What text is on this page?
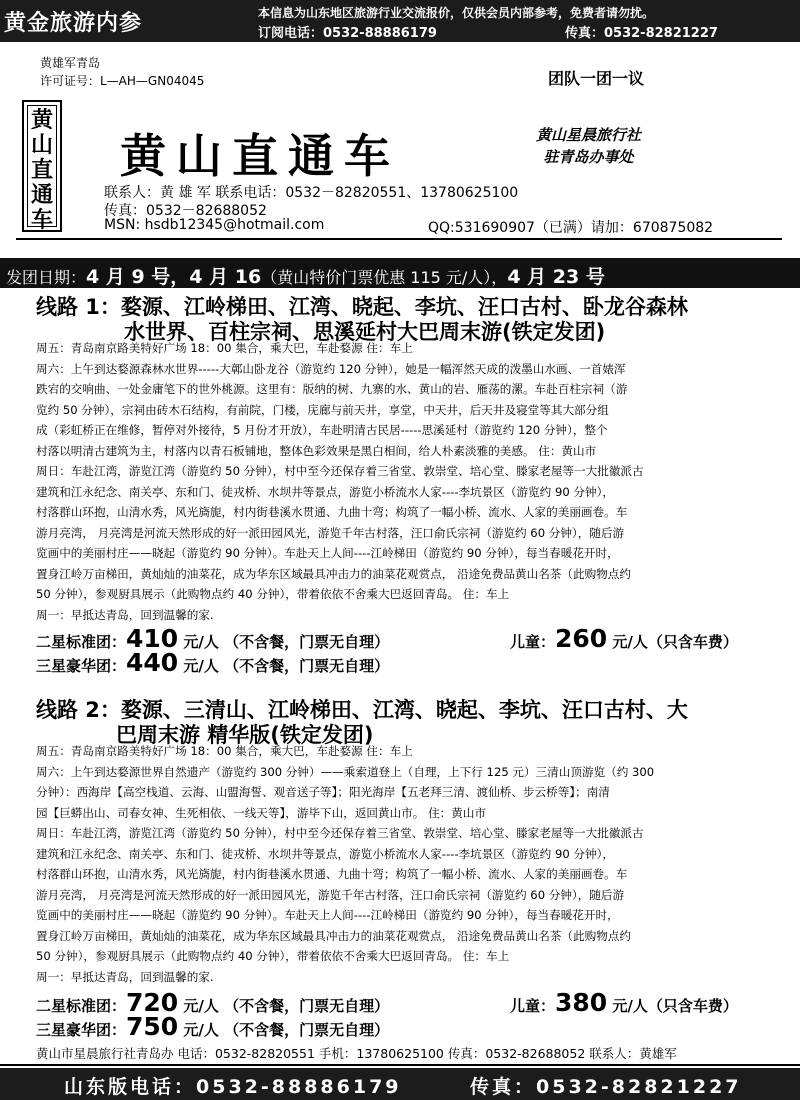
黄金旅游内参	本信息为山东地区旅游行业交流报价，仅供会员内部参考，免费者请勿扰。
订阅电话：0532-88886179	传真：0532-82821227
黄雄军青岛
许可证号：L—AH—GN04045	团队一团一议
黄
山
直
通
车
黄山直通车	黄山星晨旅行社
驻青岛办事处
联系人：黄 雄 军 联系电话：0532－82820551、13780625100
传真：0532－82688052
MSN: hsdb12345@hotmail.com	QQ:531690907（已满）请加：670875082
发团日期：4 月 9 号，4 月 16（黄山特价门票优惠 115 元/人），4 月 23 号
线路 1：婺源、江岭梯田、江湾、晓起、李坑、汪口古村、卧龙谷森林
水世界、百柱宗祠、思溪延村大巴周末游(铁定发团)
周五：青岛南京路美特好广场 18：00 集合，乘大巴，车赴婺源 住：车上
周六：上午到达婺源森林水世界-----大鄣山卧龙谷（游览约 120 分钟），她是一幅浑然天成的泼墨山水画、一首婊浑
跌宕的交响曲、一处金庸笔下的世外桃源。这里有：版纳的树、九寨的水、黄山的岩、雁荡的漯。车赴百柱宗祠（游
览约 50 分钟），宗祠由砖木石结构，有前院，门楼，庑廊与前天井，享堂，中天井，后天井及寝堂等其大部分组
成（彩虹桥正在维修，暂停对外接待，5 月份才开放），车赴明清古民居-----思溪延村（游览约 120 分钟），整个
村落以明清古建筑为主，村落内以青石板铺地，整体色彩效果是黑白相间，给人朴素淡雅的美感。 住：黄山市
周日：车赴江湾，游览江湾（游览约 50 分钟），村中至今还保存着三省堂、敦崇堂、培心堂、滕家老屋等一大批徽派古
建筑和江永纪念、南关亭、东和门、徒戎桥、水坝井等景点，游览小桥流水人家----李坑景区（游览约 90 分钟），
村落群山环抱，山清水秀，风光旖旎，村内街巷溪水贯通、九曲十弯；构筑了一幅小桥、流水、人家的美丽画卷。车
游月亮湾， 月亮湾是河流天然形成的好一派田园风光，游览千年古村落，汪口俞氏宗祠（游览约 60 分钟），随后游
览画中的美丽村庄——晓起（游览约 90 分钟）。车赴天上人间----江岭梯田（游览约 90 分钟），每当春暖花开时，
置身江岭万亩梯田，黄灿灿的油菜花，成为华东区域最具冲击力的油菜花观赏点， 沿途免费品黄山名茶（此购物点约
50 分钟），参观厨具展示（此购物点约 40 分钟），带着依依不舍乘大巴返回青岛。 住：车上
周一：早抵达青岛，回到温馨的家.
二星标准团：410 元/人 （不含餐，门票无自理）	儿童：260 元/人（只含车费）
三星豪华团：440 元/人 （不含餐，门票无自理）
线路 2：婺源、三清山、江岭梯田、江湾、晓起、李坑、汪口古村、大
巴周末游 精华版(铁定发团)
周五：青岛南京路美特好广场 18：00 集合，乘大巴，车赴婺源 住：车上
周六：上午到达婺源世界自然遗产（游览约 300 分钟）——乘索道登上（自理，上下行 125 元）三清山顶游览（约 300
分钟）：西海岸【高空栈道、云海、山盟海誓、观音送子等】；阳光海岸【五老拜三清、渡仙桥、步云桥等】；南清
园【巨蟒出山、司春女神、生死相依、一线天等】，游毕下山，返回黄山市。 住：黄山市
周日：车赴江湾，游览江湾（游览约 50 分钟），村中至今还保存着三省堂、敦崇堂、培心堂、滕家老屋等一大批徽派古
建筑和江永纪念、南关亭、东和门、徒戎桥、水坝井等景点，游览小桥流水人家----李坑景区（游览约 90 分钟），
村落群山环抱，山清水秀，风光旖旎，村内街巷溪水贯通、九曲十弯；构筑了一幅小桥、流水、人家的美丽画卷。车
游月亮湾， 月亮湾是河流天然形成的好一派田园风光，游览千年古村落，汪口俞氏宗祠（游览约 60 分钟），随后游
览画中的美丽村庄——晓起（游览约 90 分钟）。车赴天上人间----江岭梯田（游览约 90 分钟），每当春暖花开时，
置身江岭万亩梯田，黄灿灿的油菜花，成为华东区域最具冲击力的油菜花观赏点， 沿途免费品黄山名茶（此购物点约
50 分钟），参观厨具展示（此购物点约 40 分钟），带着依依不舍乘大巴返回青岛。 住：车上
周一：早抵达青岛，回到温馨的家.
二星标准团：720 元/人 （不含餐，门票无自理）	儿童：380 元/人（只含车费）
三星豪华团：750 元/人 （不含餐，门票无自理）
黄山市星晨旅行社青岛办 电话：0532-82820551 手机：13780625100 传真：0532-82688052 联系人：黄雄军
山东版电话：0532-88886179	传真：0532-82821227
